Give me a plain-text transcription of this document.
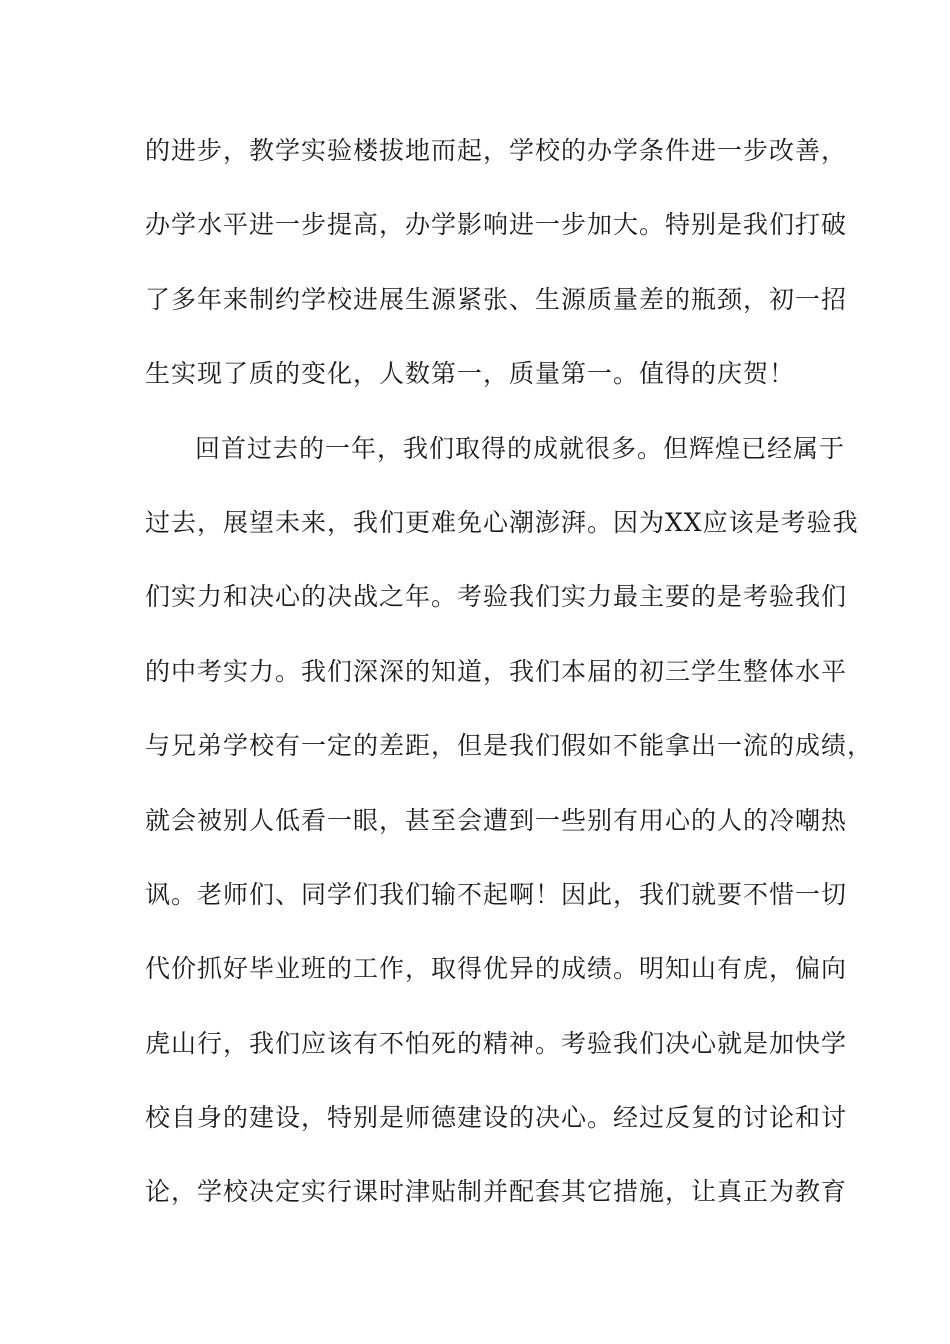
的进步，教学实验楼拔地而起，学校的办学条件进一步改善，
办学水平进一步提高，办学影响进一步加大。特别是我们打破
了多年来制约学校进展生源紧张、生源质量差的瓶颈，初一招
生实现了质的变化，人数第一，质量第一。值得的庆贺！
回首过去的一年，我们取得的成就很多。但辉煌已经属于
过去，展望未来，我们更难免心潮澎湃。因为XX应该是考验我
们实力和决心的决战之年。考验我们实力最主要的是考验我们
的中考实力。我们深深的知道，我们本届的初三学生整体水平
与兄弟学校有一定的差距，但是我们假如不能拿出一流的成绩，
就会被别人低看一眼，甚至会遭到一些别有用心的人的冷嘲热
讽。老师们、同学们我们输不起啊！因此，我们就要不惜一切
代价抓好毕业班的工作，取得优异的成绩。明知山有虎，偏向
虎山行，我们应该有不怕死的精神。考验我们决心就是加快学
校自身的建设，特别是师德建设的决心。经过反复的讨论和讨
论，学校决定实行课时津贴制并配套其它措施，让真正为教育
